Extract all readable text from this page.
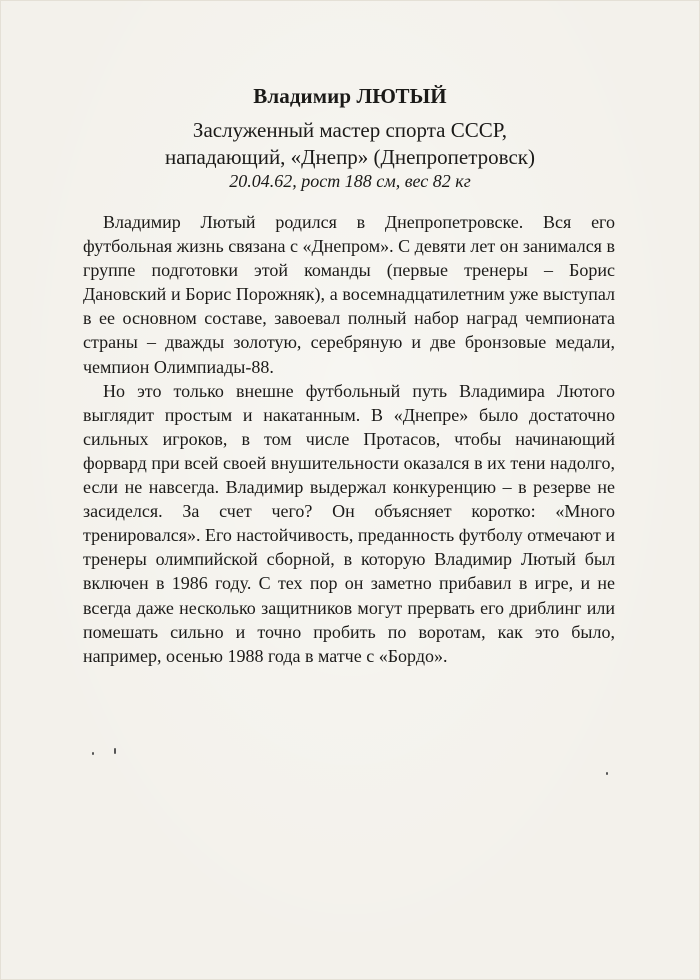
Владимир ЛЮТЫЙ
Заслуженный мастер спорта СССР,
нападающий, «Днепр» (Днепропетровск)
20.04.62, рост 188 см, вес 82 кг

Владимир Лютый родился в Днепропетровске. Вся его футбольная жизнь связана с «Днепром». С девяти лет он занимался в группе подготовки этой команды (первые тренеры – Борис Дановский и Борис Порожняк), а восемнадцатилетним уже выступал в ее основном составе, завоевал полный набор наград чемпионата страны – дважды золотую, серебряную и две бронзовые медали, чемпион Олимпиады-88.

Но это только внешне футбольный путь Владимира Лютого выглядит простым и накатанным. В «Днепре» было достаточно сильных игроков, в том числе Протасов, чтобы начинающий форвард при всей своей внушительности оказался в их тени надолго, если не навсегда. Владимир выдержал конкуренцию – в резерве не засиделся. За счет чего? Он объясняет коротко: «Много тренировался». Его настойчивость, преданность футболу отмечают и тренеры олимпийской сборной, в которую Владимир Лютый был включен в 1986 году. С тех пор он заметно прибавил в игре, и не всегда даже несколько защитников могут прервать его дриблинг или помешать сильно и точно пробить по воротам, как это было, например, осенью 1988 года в матче с «Бордо».
